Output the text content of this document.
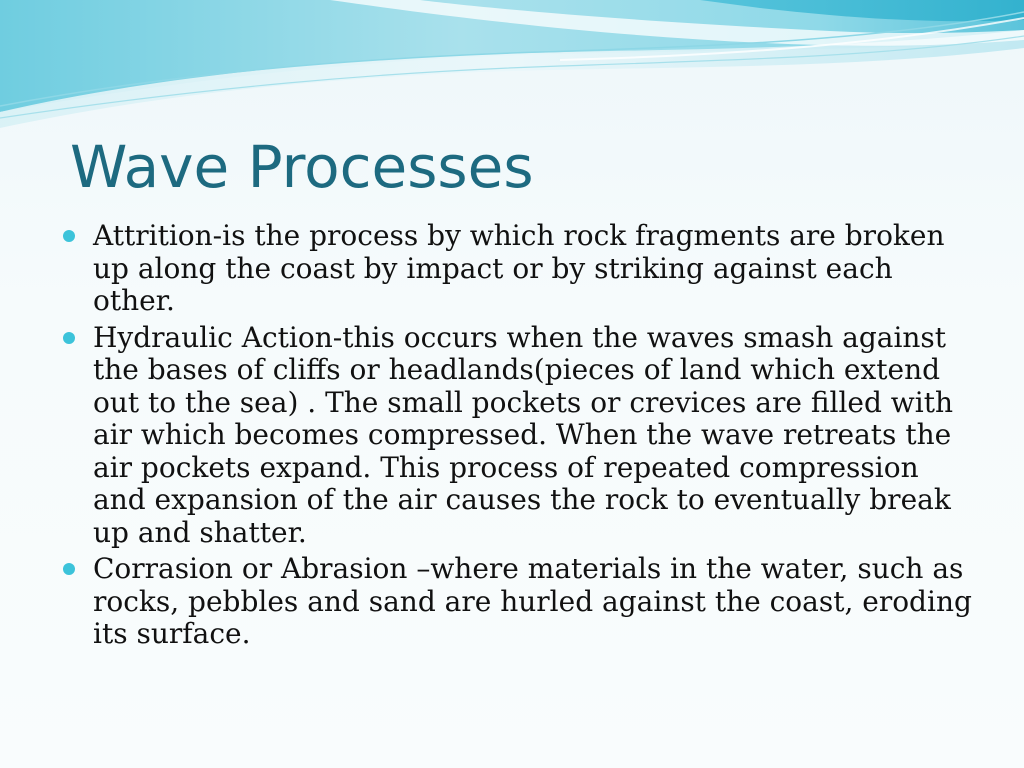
Wave Processes
Attrition-is the process by which rock fragments are broken up along the coast by impact or by striking against each other.
Hydraulic Action-this occurs when the waves smash against the bases of cliffs or headlands(pieces of land which extend out to the sea) . The small pockets or crevices are filled with air which becomes compressed. When the wave retreats the air pockets expand. This process of repeated compression and expansion of the air causes the rock to eventually break up and shatter.
Corrasion or Abrasion –where materials in the water, such as rocks, pebbles and sand are hurled against the coast, eroding its surface.
